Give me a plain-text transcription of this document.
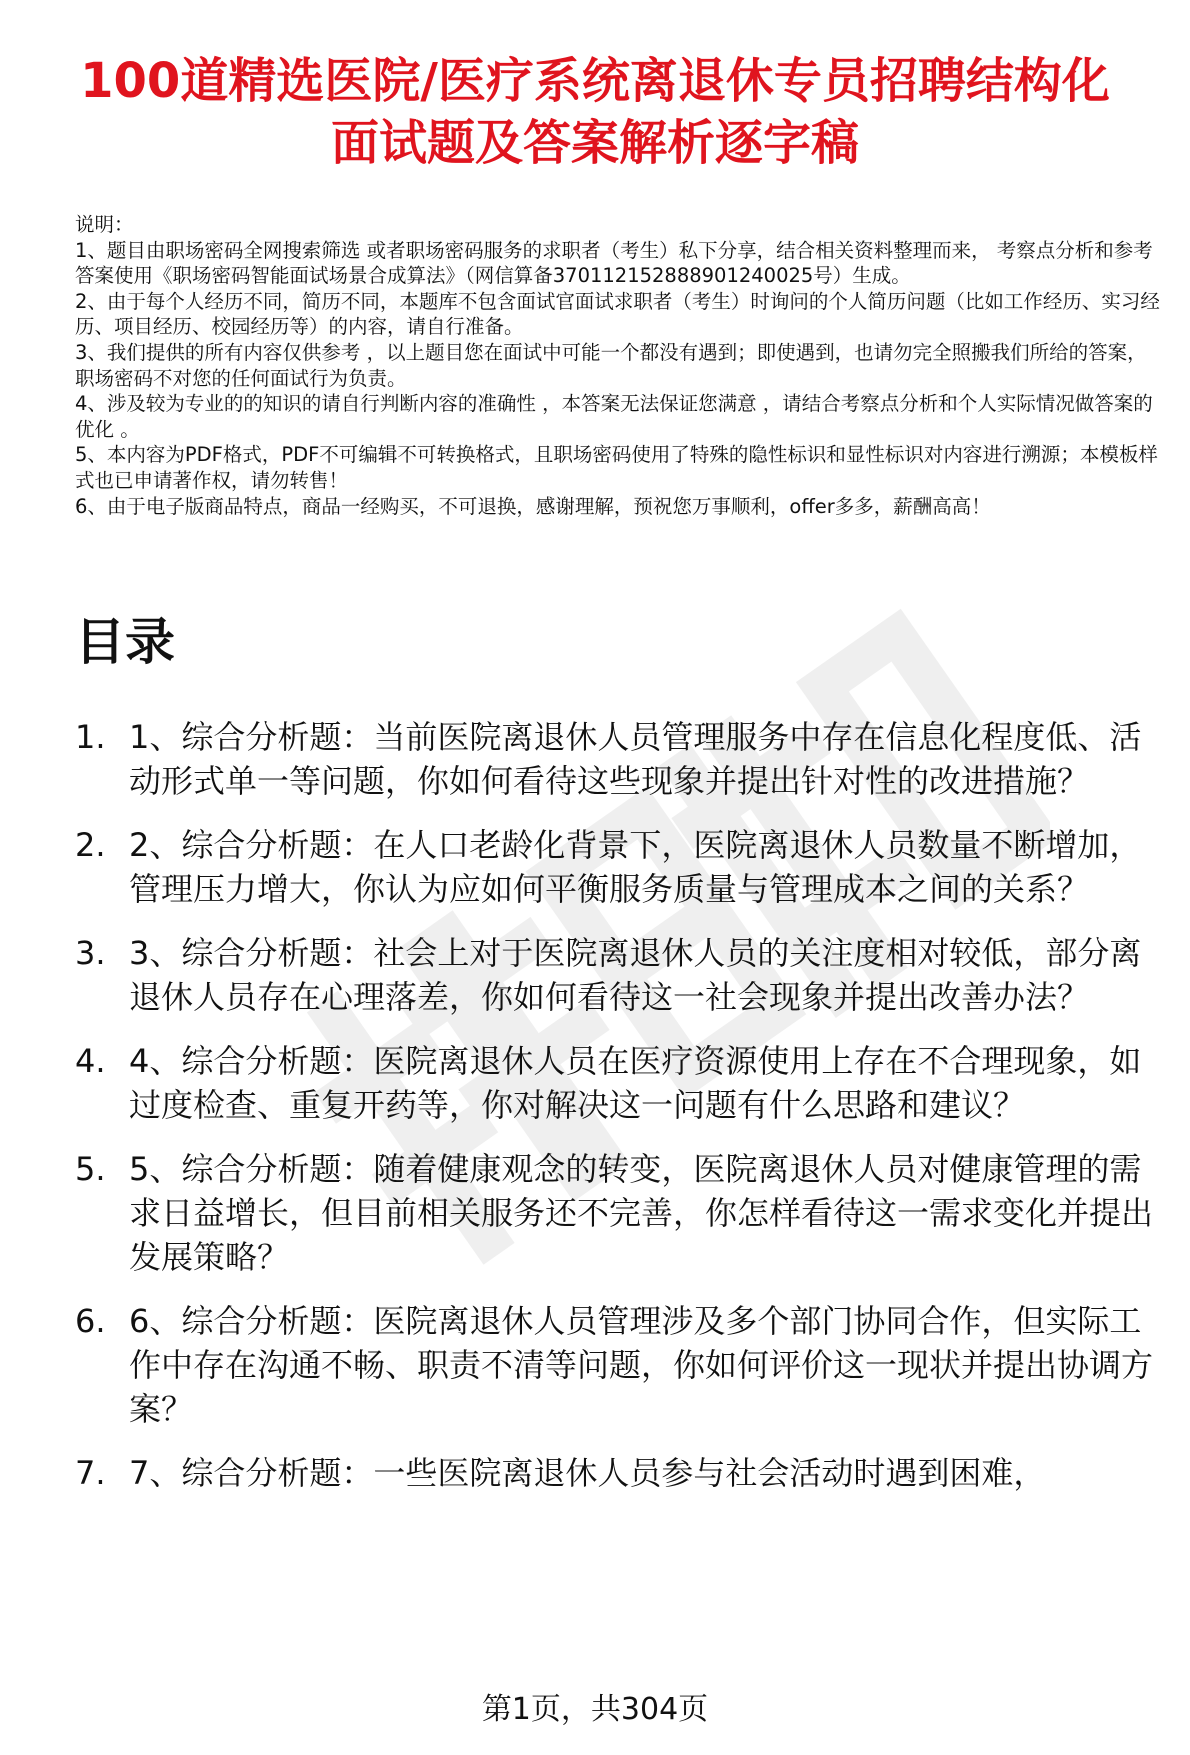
100道精选医院/医疗系统离退休专员招聘结构化面试题及答案解析逐字稿

说明：

1、题目由职场密码全网搜索筛选 或者职场密码服务的求职者（考生）私下分享，结合相关资料整理而来， 考察点分析和参考答案使用《职场密码智能面试场景合成算法》（网信算备370112152888901240025号）生成。

2、由于每个人经历不同，简历不同，本题库不包含面试官面试求职者（考生）时询问的个人简历问题（比如工作经历、实习经历、项目经历、校园经历等）的内容，请自行准备。

3、我们提供的所有内容仅供参考 ，以上题目您在面试中可能一个都没有遇到；即使遇到，也请勿完全照搬我们所给的答案，职场密码不对您的任何面试行为负责。

4、涉及较为专业的的知识的请自行判断内容的准确性 ，本答案无法保证您满意 ，请结合考察点分析和个人实际情况做答案的优化 。

5、本内容为PDF格式，PDF不可编辑不可转换格式，且职场密码使用了特殊的隐性标识和显性标识对内容进行溯源；本模板样式也已申请著作权，请勿转售！

6、由于电子版商品特点，商品一经购买，不可退换，感谢理解，预祝您万事顺利，offer多多，薪酬高高！

目录
1. 1、综合分析题：当前医院离退休人员管理服务中存在信息化程度低、活动形式单一等问题，你如何看待这些现象并提出针对性的改进措施？
2. 2、综合分析题：在人口老龄化背景下，医院离退休人员数量不断增加，管理压力增大，你认为应如何平衡服务质量与管理成本之间的关系？
3. 3、综合分析题：社会上对于医院离退休人员的关注度相对较低，部分离退休人员存在心理落差，你如何看待这一社会现象并提出改善办法？
4. 4、综合分析题：医院离退休人员在医疗资源使用上存在不合理现象，如过度检查、重复开药等，你对解决这一问题有什么思路和建议？
5. 5、综合分析题：随着健康观念的转变，医院离退休人员对健康管理的需求日益增长，但目前相关服务还不完善，你怎样看待这一需求变化并提出发展策略？
6. 6、综合分析题：医院离退休人员管理涉及多个部门协同合作，但实际工作中存在沟通不畅、职责不清等问题，你如何评价这一现状并提出协调方案？
7. 7、综合分析题：一些医院离退休人员参与社会活动时遇到困难，
第1页，共304页
